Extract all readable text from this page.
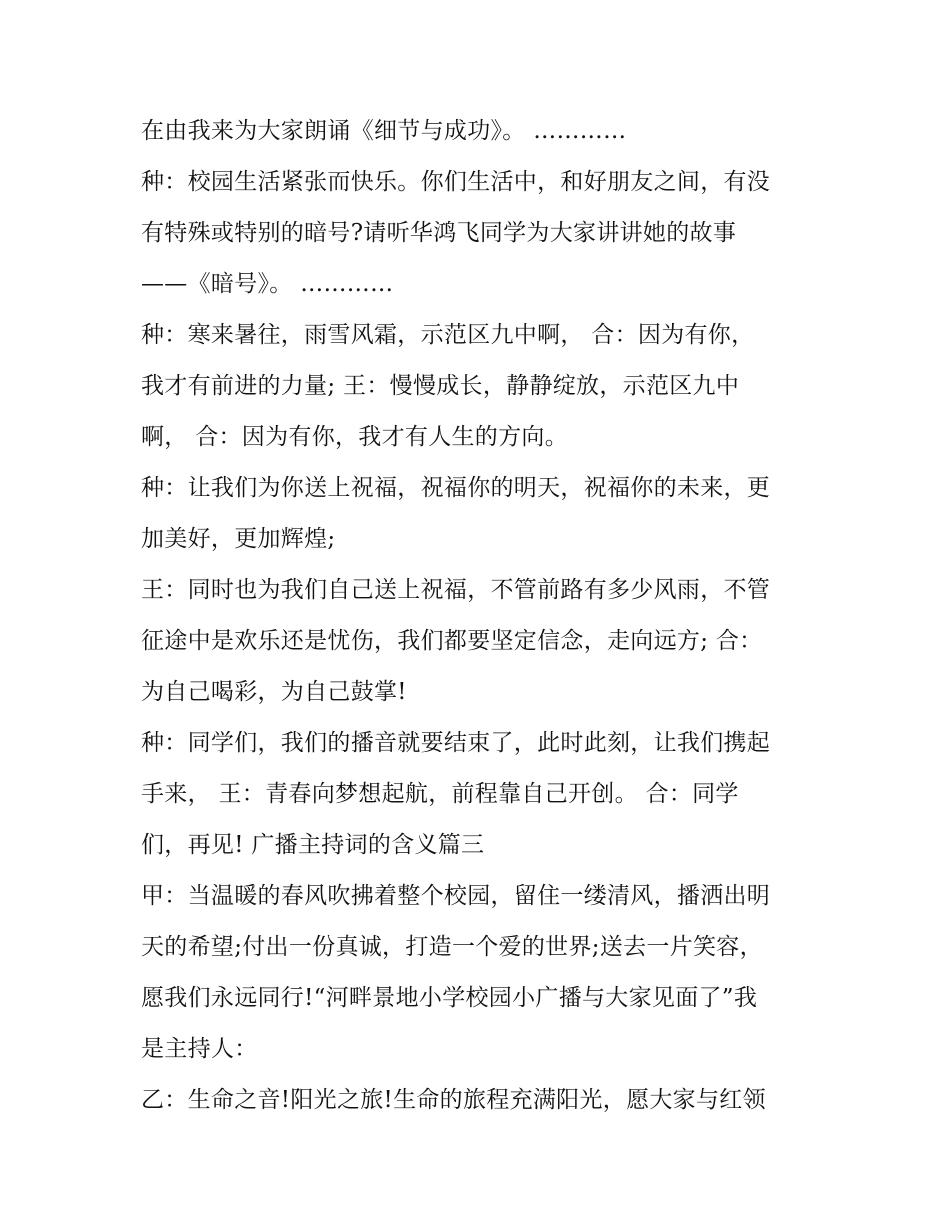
在由我来为大家朗诵《细节与成功》。 …………
种：校园生活紧张而快乐。你们生活中，和好朋友之间，有没
有特殊或特别的暗号?请听华鸿飞同学为大家讲讲她的故事
——《暗号》。 …………
种：寒来暑往，雨雪风霜，示范区九中啊， 合：因为有你，
我才有前进的力量; 王：慢慢成长，静静绽放，示范区九中
啊， 合：因为有你，我才有人生的方向。
种：让我们为你送上祝福，祝福你的明天，祝福你的未来，更
加美好，更加辉煌;
王：同时也为我们自己送上祝福，不管前路有多少风雨，不管
征途中是欢乐还是忧伤，我们都要坚定信念，走向远方; 合：
为自己喝彩，为自己鼓掌!
种：同学们，我们的播音就要结束了，此时此刻，让我们携起
手来， 王：青春向梦想起航，前程靠自己开创。 合：同学
们，再见! 广播主持词的含义篇三
甲：当温暖的春风吹拂着整个校园，留住一缕清风，播洒出明
天的希望;付出一份真诚，打造一个爱的世界;送去一片笑容，
愿我们永远同行!“河畔景地小学校园小广播与大家见面了”我
是主持人：
乙：生命之音!阳光之旅!生命的旅程充满阳光，愿大家与红领
